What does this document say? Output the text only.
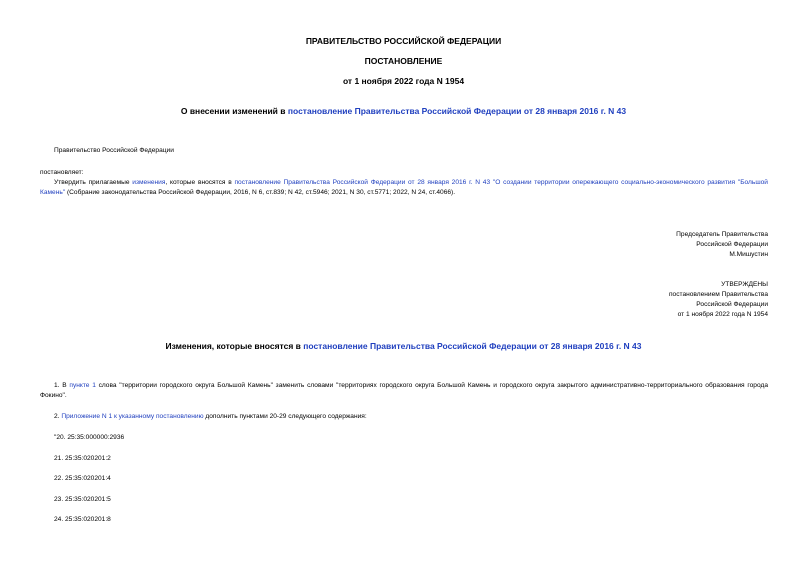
ПРАВИТЕЛЬСТВО РОССИЙСКОЙ ФЕДЕРАЦИИ
ПОСТАНОВЛЕНИЕ
от 1 ноября 2022 года N 1954
О внесении изменений в постановление Правительства Российской Федерации от 28 января 2016 г. N 43
Правительство Российской Федерации
постановляет:
Утвердить прилагаемые изменения, которые вносятся в постановление Правительства Российской Федерации от 28 января 2016 г. N 43 "О создании территории опережающего социально-экономического развития "Большой Камень" (Собрание законодательства Российской Федерации, 2016, N 6, ст.839; N 42, ст.5946; 2021, N 30, ст.5771; 2022, N 24, ст.4066).
Председатель Правительства
Российской Федерации
М.Мишустин
УТВЕРЖДЕНЫ
постановлением Правительства
Российской Федерации
от 1 ноября 2022 года N 1954
Изменения, которые вносятся в постановление Правительства Российской Федерации от 28 января 2016 г. N 43
1. В пункте 1 слова "территории городского округа Большой Камень" заменить словами "территориях городского округа Большой Камень и городского округа закрытого административно-территориального образования города Фокино".
2. Приложение N 1 к указанному постановлению дополнить пунктами 20-29 следующего содержания:
"20. 25:35:000000:2936
21. 25:35:020201:2
22. 25:35:020201:4
23. 25:35:020201:5
24. 25:35:020201:8
